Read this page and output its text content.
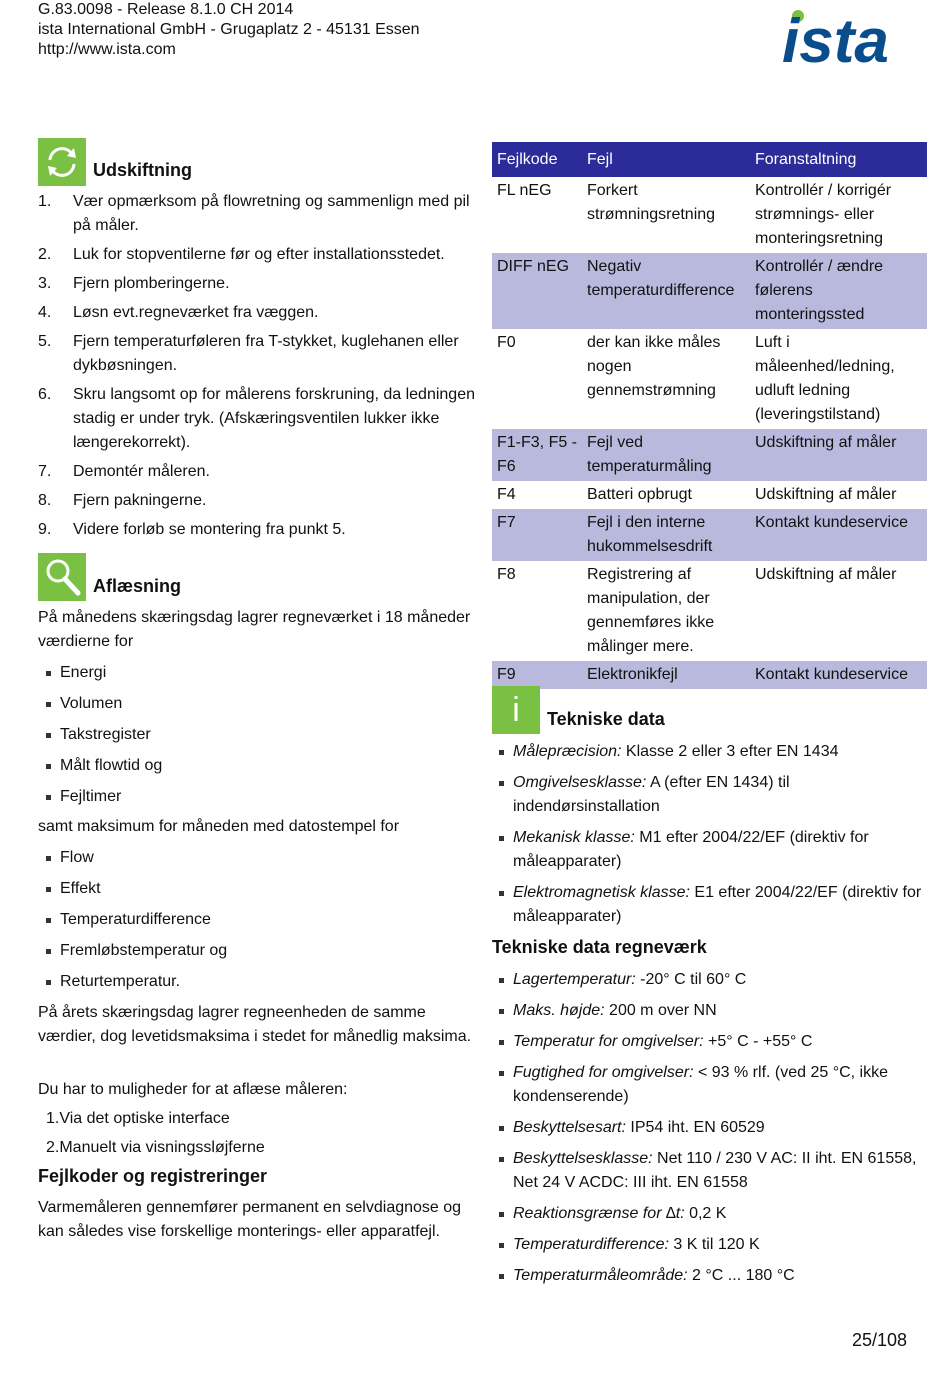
G.83.0098 - Release 8.1.0 CH 2014
ista International GmbH - Grugaplatz 2 - 45131 Essen
http://www.ista.com	ista
Udskiftning
1. Vær opmærksom på flowretning og sammenlign med pil på måler.
2. Luk for stopventilerne før og efter installationsstedet.
3. Fjern plomberingerne.
4. Løsn evt.regneværket fra væggen.
5. Fjern temperaturføleren fra T-stykket, kuglehanen eller dykbøsningen.
6. Skru langsomt op for målerens forskruning, da ledningen stadig er under tryk. (Afskæringsventilen lukker ikke længerekorrekt).
7. Demontér måleren.
8. Fjern pakningerne.
9. Videre forløb se montering fra punkt 5.
Aflæsning
På månedens skæringsdag lagrer regneværket i 18 måneder værdierne for
Energi
Volumen
Takstregister
Målt flowtid og
Fejltimer
samt maksimum for måneden med datostempel for
Flow
Effekt
Temperaturdifference
Fremløbstemperatur og
Returtemperatur.
På årets skæringsdag lagrer regneenheden de samme værdier, dog levetidsmaksima i stedet for månedlig maksima.
Du har to muligheder for at aflæse måleren:
1.Via det optiske interface
2.Manuelt via visningssløjferne
Fejlkoder og registreringer
Varmemåleren gennemfører permanent en selvdiagnose og kan således vise forskellige monterings- eller apparatfejl.
Fejlkode	Fejl	Foranstaltning
FL nEG	Forkert strømningsretning	Kontrollér / korrigér strømnings- eller monteringsretning
DIFF nEG	Negativ temperaturdifference	Kontrollér / ændre følerens monteringssted
F0	der kan ikke måles nogen gennemstrømning	Luft i måleenhed/ledning, udluft ledning (leveringstilstand)
F1-F3, F5 - F6	Fejl ved temperaturmåling	Udskiftning af måler
F4	Batteri opbrugt	Udskiftning af måler
F7	Fejl i den interne hukommelsesdrift	Kontakt kundeservice
F8	Registrering af manipulation, der gennemføres ikke målinger mere.	Udskiftning af måler
F9	Elektronikfejl	Kontakt kundeservice
i	Tekniske data
Målepræcision: Klasse 2 eller 3 efter EN 1434
Omgivelsesklasse: A (efter EN 1434) til indendørsinstallation
Mekanisk klasse: M1 efter 2004/22/EF (direktiv for måleapparater)
Elektromagnetisk klasse: E1 efter 2004/22/EF (direktiv for måleapparater)
Tekniske data regneværk
Lagertemperatur: -20° C til 60° C
Maks. højde: 200 m over NN
Temperatur for omgivelser: +5° C - +55° C
Fugtighed for omgivelser: < 93 % rlf. (ved 25 °C, ikke kondenserende)
Beskyttelsesart: IP54 iht. EN 60529
Beskyttelsesklasse: Net 110 / 230 V AC: II iht. EN 61558, Net 24 V ACDC: III iht. EN 61558
Reaktionsgrænse for ∆t: 0,2 K
Temperaturdifference: 3 K til 120 K
Temperaturmåleområde: 2 °C ... 180 °C
25/108
